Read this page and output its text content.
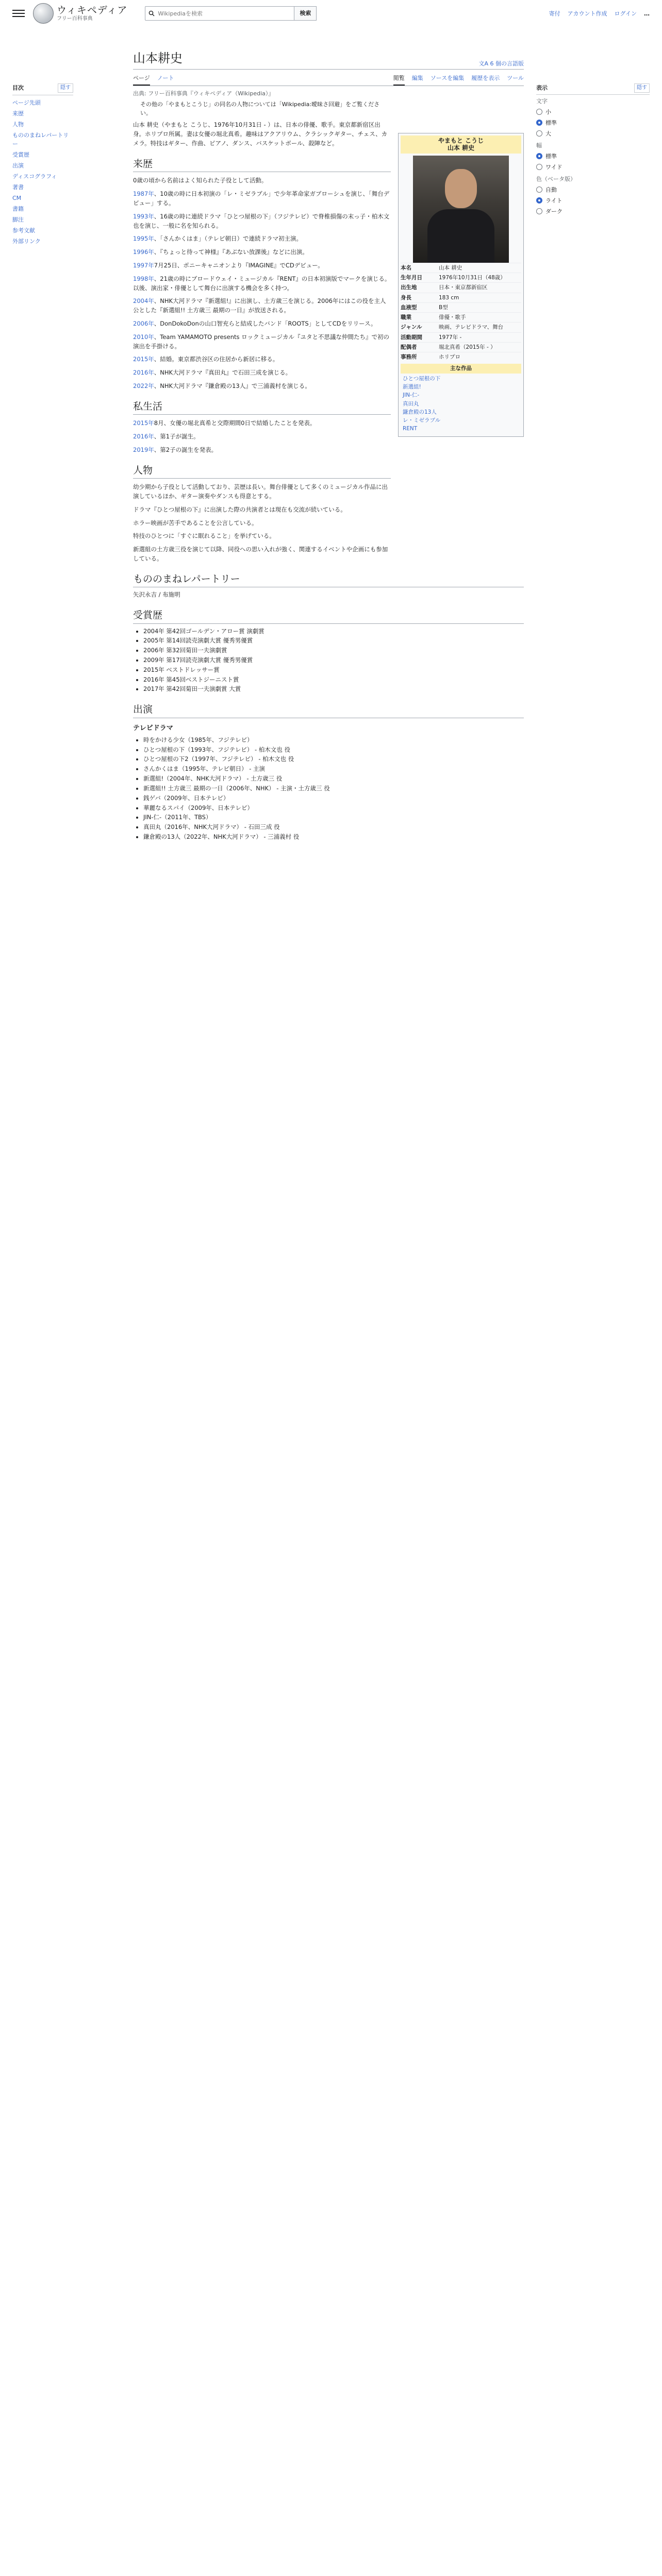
ウィキペディア
フリー百科事典
Wikipediaを検索
検索	寄付 アカウント作成 ログイン …
目次	隠す
ページ先頭
来歴
人物
もののまねレパートリー
受賞歴
出演
ディスコグラフィ
著書
CM
書籍
脚注
参考文献
外部リンク
山本耕史	文A 6 個の言語版
ページ ノート	閲覧 編集 ソースを編集 履歴を表示 ツール
出典: フリー百科事典『ウィキペディア（Wikipedia）』
その他の「やまもとこうじ」の同名の人物については「Wikipedia:曖昧さ回避」をご覧ください。

山本 耕史（やまもと こうじ、1976年10月31日 - ）は、日本の俳優、歌手。東京都新宿区出身。ホリプロ所属。妻は女優の堀北真希。趣味はアクアリウム、クラシックギター、チェス、カメラ。特技はギター、作曲、ピアノ、ダンス、バスケットボール、殺陣など。

来歴

0歳の頃から名前はよく知られた子役として活動。

1987年、10歳の時に日本初演の「レ・ミゼラブル」で少年革命家ガブローシュを演じ、「舞台デビュー」する。

1993年、16歳の時に連続ドラマ「ひとつ屋根の下」（フジテレビ）で脊椎損傷の末っ子・柏木文也を演じ、一般に名を知られる。

1995年、「さんかくはま」（テレビ朝日）で連続ドラマ初主演。

1996年、『ちょっと待って神様』『あぶない放課後』などに出演。

1997年7月25日、ポニーキャニオンより『IMAGINE』でCDデビュー。

1998年、21歳の時にブロードウェイ・ミュージカル『RENT』の日本初演版でマークを演じる。以後、演出家・俳優として舞台に出演する機会を多く持つ。

2004年、NHK大河ドラマ『新選組!』に出演し、土方歳三を演じる。2006年にはこの役を主人公とした『新選組!! 土方歳三 最期の一日』が放送される。

2006年、DonDokoDonの山口智充らと結成したバンド「ROOTS」としてCDをリリース。

2010年、Team YAMAMOTO presents ロックミュージカル『ユタと不思議な仲間たち』で初の演出を手掛ける。

2015年、結婚。東京都渋谷区の住居から新居に移る。

2016年、NHK大河ドラマ『真田丸』で石田三成を演じる。

2022年、NHK大河ドラマ『鎌倉殿の13人』で三浦義村を演じる。

私生活

2015年8月、女優の堀北真希と交際期間0日で結婚したことを発表。

2016年、第1子が誕生。

2019年、第2子の誕生を発表。

人物

幼少期から子役として活動しており、芸歴は長い。舞台俳優として多くのミュージカル作品に出演しているほか、ギター演奏やダンスも得意とする。

ドラマ『ひとつ屋根の下』に出演した際の共演者とは現在も交流が続いている。

ホラー映画が苦手であることを公言している。

特技のひとつに「すぐに眠れること」を挙げている。

新選組の土方歳三役を演じて以降、同役への思い入れが強く、関連するイベントや企画にも参加している。

もののまねレパートリー

矢沢永吉 / 布施明

受賞歴
• 2004年 第42回ゴールデン・アロー賞 演劇賞
• 2005年 第14回読売演劇大賞 優秀男優賞
• 2006年 第32回菊田一夫演劇賞
• 2009年 第17回読売演劇大賞 優秀男優賞
• 2015年 ベストドレッサー賞
• 2016年 第45回ベストジーニスト賞
• 2017年 第42回菊田一夫演劇賞 大賞
出演
テレビドラマ
• 時をかける少女（1985年、フジテレビ）
• ひとつ屋根の下（1993年、フジテレビ） - 柏木文也 役
• ひとつ屋根の下2（1997年、フジテレビ） - 柏木文也 役
• さんかくはま（1995年、テレビ朝日） - 主演
• 新選組!（2004年、NHK大河ドラマ） - 土方歳三 役
• 新選組!! 土方歳三 最期の一日（2006年、NHK） - 主演・土方歳三 役
• 銭ゲバ（2009年、日本テレビ）
• 華麗なるスパイ（2009年、日本テレビ）
• JIN-仁-（2011年、TBS）
• 真田丸（2016年、NHK大河ドラマ） - 石田三成 役
• 鎌倉殿の13人（2022年、NHK大河ドラマ） - 三浦義村 役
やまもと こうじ
山本 耕史
本名	山本 耕史
生年月日	1976年10月31日（48歳）
出生地	日本・東京都新宿区
身長	183 cm
血液型	B型
職業	俳優・歌手
ジャンル	映画、テレビドラマ、舞台
活動期間	1977年 -
配偶者	堀北真希（2015年 - ）
事務所	ホリプロ
主な作品
ひとつ屋根の下
新選組!
JIN-仁-
真田丸
鎌倉殿の13人
レ・ミゼラブル
RENT
表示	隠す
文字
小
標準
大
幅
標準
ワイド
色（ベータ版）
自動
ライト
ダーク
